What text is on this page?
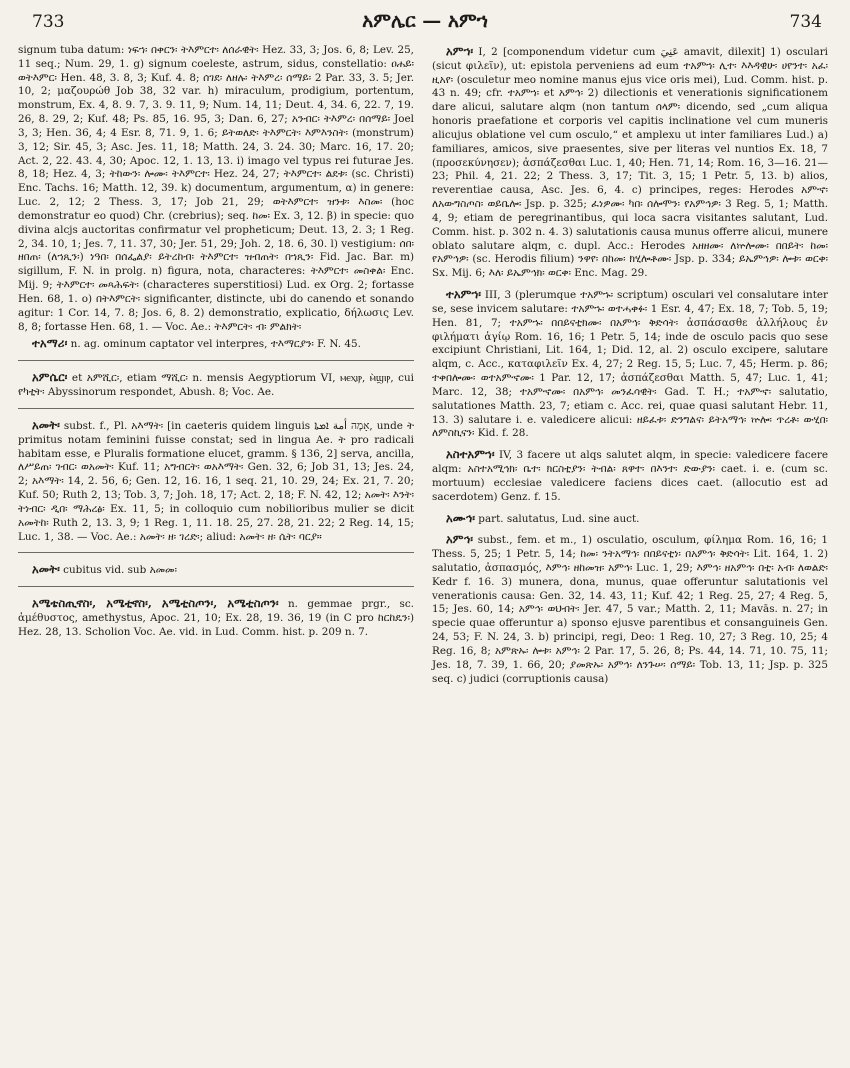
733	አምሌር — አምኀ	734

signum tuba datum: ነፍኀ፡ በቀርን፡ ትእምርተ፡ ለሰራዊት፡ Hez. 33, 3; Jos. 6, 8; Lev. 25, 11 seq.; Num. 29, 1. g) signum coeleste, astrum, sidus, constellatio: ዐሐይ፡ ወትእምር፡ Hen. 48, 3. 8, 3; Kuf. 4. 8; ሰገደ፡ ለዘሉ፡ ትእምረ፡ ሰማይ፡ 2 Par. 33, 3. 5; Jer. 10, 2; μαζουρώθ Job 38, 32 var. h) miraculum, prodigium, portentum, monstrum, Ex. 4, 8. 9. 7, 3. 9. 11, 9; Num. 14, 11; Deut. 4, 34. 6, 22. 7, 19. 26, 8. 29, 2; Kuf. 48; Ps. 85, 16. 95, 3; Dan. 6, 27; አንብር፡ ትእምረ፡ በሰማይ፡ Joel 3, 3; Hen. 36, 4; 4 Esr. 8, 71. 9, 1. 6; ይትወለድ፡ ትእምርት፡ እምእንስት፡ (monstrum) 3, 12; Sir. 45, 3; Asc. Jes. 11, 18; Matth. 24, 3. 24. 30; Marc. 16, 17. 20; Act. 2, 22. 43. 4, 30; Apoc. 12, 1. 13, 13. i) imago vel typus rei futurae Jes. 8, 18; Hez. 4, 3; ትከውን፡ ሎሙ፡ ትእምርተ፡ Hez. 24, 27; ትእምርተ፡ ልደቱ፡ (sc. Christi) Enc. Tachs. 16; Matth. 12, 39. k) documentum, argumentum, α) in genere: Luc. 2, 12; 2 Thess. 3, 17; Job 21, 29; ወትእምርተ፡ ዝንቱ፡ እስመ፡ (hoc demonstratur eo quod) Chr. (crebrius); seq. ከመ፡ Ex. 3, 12. β) in specie: quo divina alcjs auctoritas confirmatur vel propheticum; Deut. 13, 2. 3; 1 Reg. 2, 34. 10, 1; Jes. 7, 11. 37, 30; Jer. 51, 29; Joh. 2, 18. 6, 30. l) vestigium: ሰበ፡ ዘበጠ፡ (ለኀጺን፡) ነዓበ፡ በሰፌልያ፡ ይትረከብ፡ ትእምርተ፡ ዝብጠት፡ በኀጺን፡ Fid. Jac. Bar. m) sigillum, F. N. in prolg. n) figura, nota, characteres: ትእምርተ፡ መስቀል፡ Enc. Mij. 9; ትእምርተ፡ መጻሕፍት፡ (characteres superstitiosi) Lud. ex Org. 2; fortasse Hen. 68, 1. o) በትእምርት፡ significanter, distincte, ubi do canendo et sonando agitur: 1 Cor. 14, 7. 8; Jos. 6, 8. 2) demonstratio, explicatio, δήλωσις Lev. 8, 8; fortasse Hen. 68, 1. — Voc. Ae.: ትእምርት፡ ብ፡ ምልክት፡

ተአማሪ፡ n. ag. ominum captator vel interpres, ተእማርያን፡ F. N. 45.

አምሴር፡ et አምሺር፡, etiam ማሺር፡ n. mensis Aegyptiorum VI, ⲙⲉⲭⲓⲣ, ⲙ̀ϣⲓⲣ, cui የካቲት፡ Abyssinorum respondet, Abush. 8; Voc. Ae.

አመት፡ subst. f., Pl. አእማት፡ [in caeteris quidem linguis אָמָה أمة ܐܡܬܐ, unde ት primitus notam feminini fuisse constat; sed in lingua Ae. ት pro radicali habitam esse, e Pluralis formatione elucet, gramm. § 136, 2] serva, ancilla, ለሥይጠ፡ ገብር፡ ወአመት፡ Kuf. 11; አግብርት፡ ወአእማት፡ Gen. 32, 6; Job 31, 13; Jes. 24, 2; አእማት፡ 14, 2. 56, 6; Gen. 12, 16. 16, 1 seq. 21, 10. 29, 24; Ex. 21, 7. 20; Kuf. 50; Ruth 2, 13; Tob. 3, 7; Joh. 18, 17; Act. 2, 18; F. N. 42, 12; አመት፡ እንት፡ ትነብር፡ ዲበ፡ ማሕረፅ፡ Ex. 11, 5; in colloquio cum nobilioribus mulier se dicit አመትከ፡ Ruth 2, 13. 3, 9; 1 Reg. 1, 11. 18. 25, 27. 28, 21. 22; 2 Reg. 14, 15; Luc. 1, 38. — Voc. Ae.: አመት፡ ዘ፡ ገረድ፡; aliud: አመት፡ ዘ፡ ሴት፡ ባርያ።

አመት፡ cubitus vid. sub አመመ፡

አሜቴስጢኖስ፡, አሜቲኖስ፡, አሜቲስጦን፡, አሜቲስጦን፡ n. gemmae prgr., sc. ἀμέθυστος, amethystus, Apoc. 21, 10; Ex. 28, 19. 36, 19 (in C pro ከርከዴን፡) Hez. 28, 13. Scholion Voc. Ae. vid. in Lud. Comm. hist. p. 209 n. 7.

አምኀ፡ I, 2 [componendum videtur cum عَنِيَ amavit, dilexit] 1) osculari (sicut φιλεῖν), ut: epistola perveniens ad eum ተአምኀ፡ ሊተ፡ እእዳዊሁ፡ ሀየንተ፡ አፈ፡ ዚአየ፡ (osculetur meo nomine manus ejus vice oris mei), Lud. Comm. hist. p. 43 n. 49; cfr. ተአምኀ፡ et አምኅ፡ 2) dilectionis et venerationis significationem dare alicui, salutare alqm (non tantum ሰላም፡ dicendo, sed „cum aliqua honoris praefatione et corporis vel capitis inclinatione vel cum muneris alicujus oblatione vel cum osculo,“ et amplexu ut inter familiares Lud.) a) familiares, amicos, sive praesentes, sive per literas vel nuntios Ex. 18, 7 (προσεκύνησεν); ἀσπάζεσθαι Luc. 1, 40; Hen. 71, 14; Rom. 16, 3—16. 21—23; Phil. 4, 21. 22; 2 Thess. 3, 17; Tit. 3, 15; 1 Petr. 5, 13. b) alios, reverentiae causa, Asc. Jes. 6, 4. c) principes, reges: Herodes አምኆ፡ ለአውግስጦስ፡ ወይቤሎ፡ Jsp. p. 325; ፈነዎሙ፡ ካበ፡ ሰሎሞን፡ የአምኅዎ፡ 3 Reg. 5, 1; Matth. 4, 9; etiam de peregrinantibus, qui loca sacra visitantes salutant, Lud. Comm. hist. p. 302 n. 4. 3) salutationis causa munus offerre alicui, munere oblato salutare alqm, c. dupl. Acc.: Herodes አዘዘሙ፡ ለኵሎሙ፡ በበይት፡ ከመ፡ የአምኅዎ፡ (sc. Herodis filium) ንዋየ፡ በከመ፡ ክሂሎቶሙ፡ Jsp. p. 334; ይኤምኅዎ፡ ሎቱ፡ ወርቀ፡ Sx. Mij. 6; እለ፡ ይኤምኅክ፡ ወርቀ፡ Enc. Mag. 29.

ተአምኀ፡ III, 3 (plerumque ተአምኁ፡ scriptum) osculari vel consalutare inter se, sese invicem salutare: ተአምኁ፡ ወተሓቀፉ፡ 1 Esr. 4, 47; Ex. 18, 7; Tob. 5, 19; Hen. 81, 7; ተአምኁ፡ በበይናቲክሙ፡ በአምኅ፡ ቅድሳት፡ ἀσπάσασθε ἀλλήλους ἐν φιλήματι ἁγίῳ Rom. 16, 16; 1 Petr. 5, 14; inde de osculo pacis quo sese excipiunt Christiani, Lit. 164, 1; Did. 12, al. 2) osculo excipere, salutare alqm, c. Acc., καταφιλεῖν Ex. 4, 27; 2 Reg. 15, 5; Luc. 7, 45; Herm. p. 86; ተቀበሎሙ፡ ወተአምኆሙ፡ 1 Par. 12, 17; ἀσπάζεσθαι Matth. 5, 47; Luc. 1, 41; Marc. 12, 38; ተአምኆሙ፡ በአምኅ፡ መንፈሳዊት፡ Gad. T. H.; ተአምኆ፡ salutatio, salutationes Matth. 23, 7; etiam c. Acc. rei, quae quasi salutant Hebr. 11, 13. 3) salutare i. e. valedicere alicui: ዘይፈቱ፡ ድንግልና፡ ይትአማኅ፡ ኵሎ፡ ጥረቶ፡ ውሂበ፡ ለምስኪናን፡ Kid. f. 28.

አስተአምኀ፡ IV, 3 facere ut alqs salutet alqm, in specie: valedicere facere alqm: አስተአሚኅክ፡ ቤተ፡ ክርስቲያን፡ ትብል፡ ጸዋተ፡ በእንተ፡ ድውያን፡ caet. i. e. (cum sc. mortuum) ecclesiae valedicere faciens dices caet. (allocutio est ad sacerdotem) Genz. f. 15.

አሙኅ፡ part. salutatus, Lud. sine auct.

አምኅ፡ subst., fem. et m., 1) osculatio, osculum, φίλημα Rom. 16, 16; 1 Thess. 5, 25; 1 Petr. 5, 14; ከመ፡ ንትአማኅ፡ በበይናቲነ፡ በአምኅ፡ ቅድሳት፡ Lit. 164, 1. 2) salutatio, ἀσπασμός, እምኅ፡ ዘከመዝ፡ አምኅ፡ Luc. 1, 29; እምኅ፡ ዘአምኅ፡ በቲ፡ አብ፡ ለወልድ፡ Kedr f. 16. 3) munera, dona, munus, quae offeruntur salutationis vel venerationis causa: Gen. 32, 14. 43, 11; Kuf. 42; 1 Reg. 25, 27; 4 Reg. 5, 15; Jes. 60, 14; አምኅ፡ ወህብት፡ Jer. 47, 5 var.; Matth. 2, 11; Mavās. n. 27; in specie quae offeruntur a) sponso ejusve parentibus et consanguineis Gen. 24, 53; F. N. 24, 3. b) principi, regi, Deo: 1 Reg. 10, 27; 3 Reg. 10, 25; 4 Reg. 16, 8; አምጽኡ፡ ሎቱ፡ አምኅ፡ 2 Par. 17, 5. 26, 8; Ps. 44, 14. 71, 10. 75, 11; Jes. 18, 7. 39, 1. 66, 20; ያመጽኡ፡ አምኅ፡ ለንጉሠ፡ ሰማይ፡ Tob. 13, 11; Jsp. p. 325 seq. c) judici (corruptionis causa)
